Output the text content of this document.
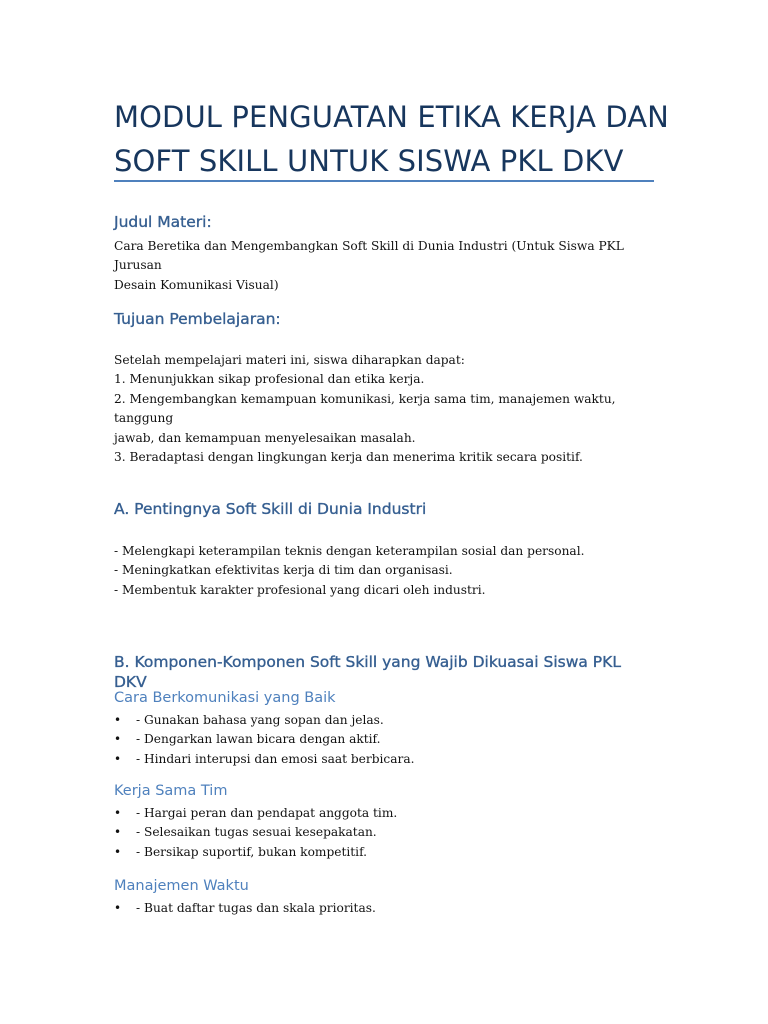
MODUL PENGUATAN ETIKA KERJA DAN
SOFT SKILL UNTUK SISWA PKL DKV
Judul Materi:

Cara Beretika dan Mengembangkan Soft Skill di Dunia Industri (Untuk Siswa PKL Jurusan
Desain Komunikasi Visual)

Tujuan Pembelajaran:

Setelah mempelajari materi ini, siswa diharapkan dapat:
1. Menunjukkan sikap profesional dan etika kerja.
2. Mengembangkan kemampuan komunikasi, kerja sama tim, manajemen waktu, tanggung
jawab, dan kemampuan menyelesaikan masalah.
3. Beradaptasi dengan lingkungan kerja dan menerima kritik secara positif.

A. Pentingnya Soft Skill di Dunia Industri

- Melengkapi keterampilan teknis dengan keterampilan sosial dan personal.
- Meningkatkan efektivitas kerja di tim dan organisasi.
- Membentuk karakter profesional yang dicari oleh industri.

B. Komponen-Komponen Soft Skill yang Wajib Dikuasai Siswa PKL DKV
Cara Berkomunikasi yang Baik
• - Gunakan bahasa yang sopan dan jelas.
• - Dengarkan lawan bicara dengan aktif.
• - Hindari interupsi dan emosi saat berbicara.
Kerja Sama Tim
• - Hargai peran dan pendapat anggota tim.
• - Selesaikan tugas sesuai kesepakatan.
• - Bersikap suportif, bukan kompetitif.
Manajemen Waktu
• - Buat daftar tugas dan skala prioritas.
